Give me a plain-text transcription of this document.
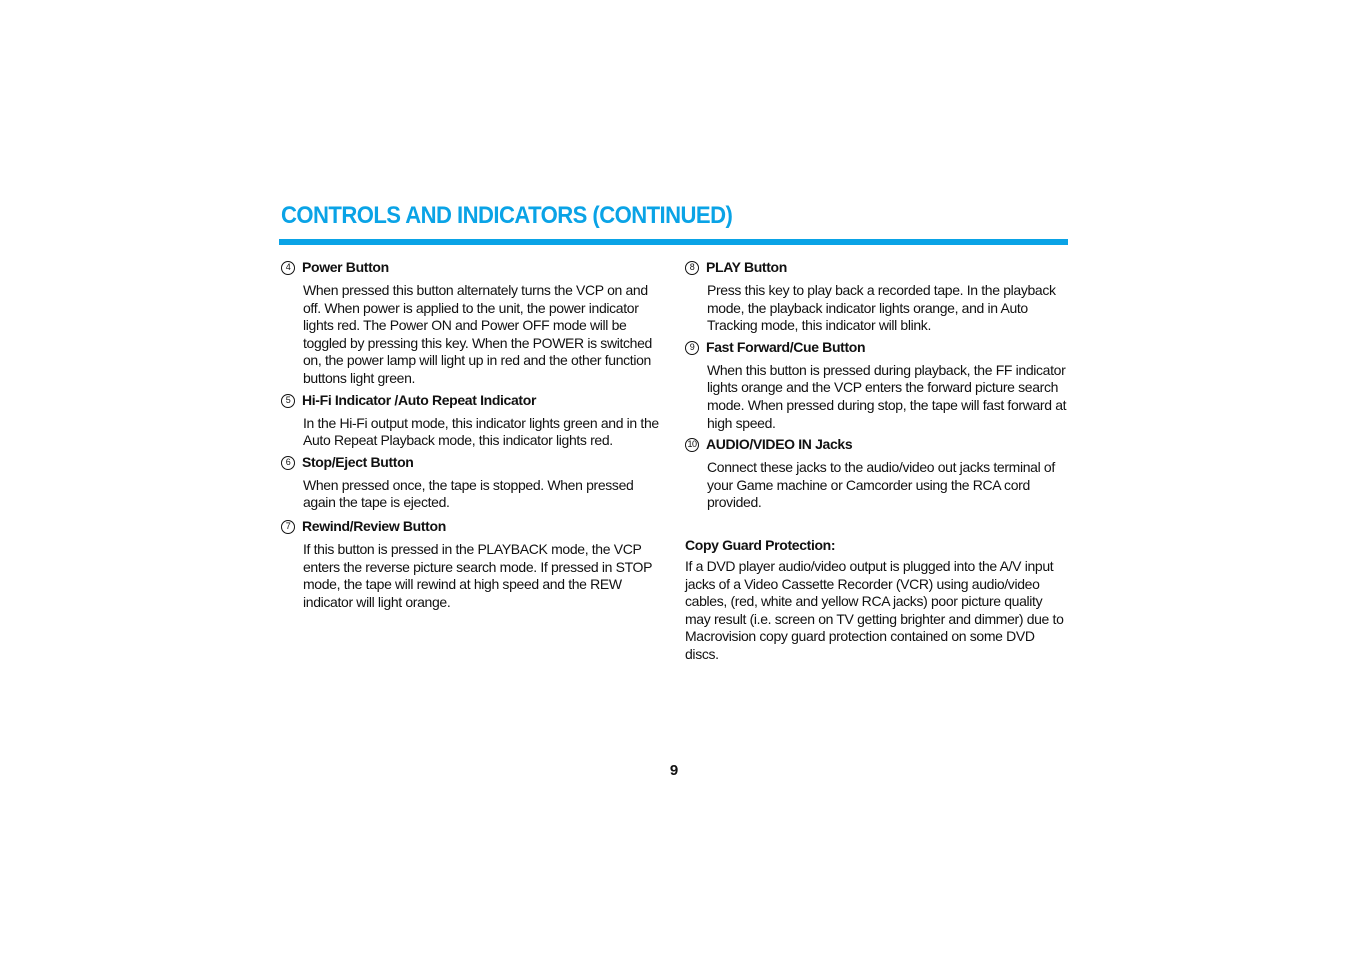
CONTROLS AND INDICATORS (CONTINUED)
4 Power Button
When pressed this button alternately turns the VCP on and off. When power is applied to the unit, the power indicator lights red. The Power ON and Power OFF mode will be toggled by pressing this key. When the POWER is switched on, the power lamp will light up in red and the other function buttons light green.
5 Hi-Fi Indicator /Auto Repeat Indicator
In the Hi-Fi output mode, this indicator lights green and in the Auto Repeat Playback mode, this indicator lights red.
6 Stop/Eject Button
When pressed once, the tape is stopped. When pressed again the tape is ejected.
7 Rewind/Review Button
If this button is pressed in the PLAYBACK mode, the VCP enters the reverse picture search mode. If pressed in STOP mode, the tape will rewind at high speed and the REW indicator will light orange.
8 PLAY Button
Press this key to play back a recorded tape. In the playback mode, the playback indicator lights orange, and in Auto Tracking mode, this indicator will blink.
9 Fast Forward/Cue Button
When this button is pressed during playback, the FF indicator lights orange and the VCP enters the forward picture search mode. When pressed during stop, the tape will fast forward at high speed.
10 AUDIO/VIDEO IN Jacks
Connect these jacks to the audio/video out jacks terminal of your Game machine or Camcorder using the RCA cord provided.
Copy Guard Protection:
If a DVD player audio/video output is plugged into the A/V input jacks of a Video Cassette Recorder (VCR) using audio/video cables, (red, white and yellow RCA jacks) poor picture quality may result (i.e. screen on TV getting brighter and dimmer) due to Macrovision copy guard protection contained on some DVD discs.
9
